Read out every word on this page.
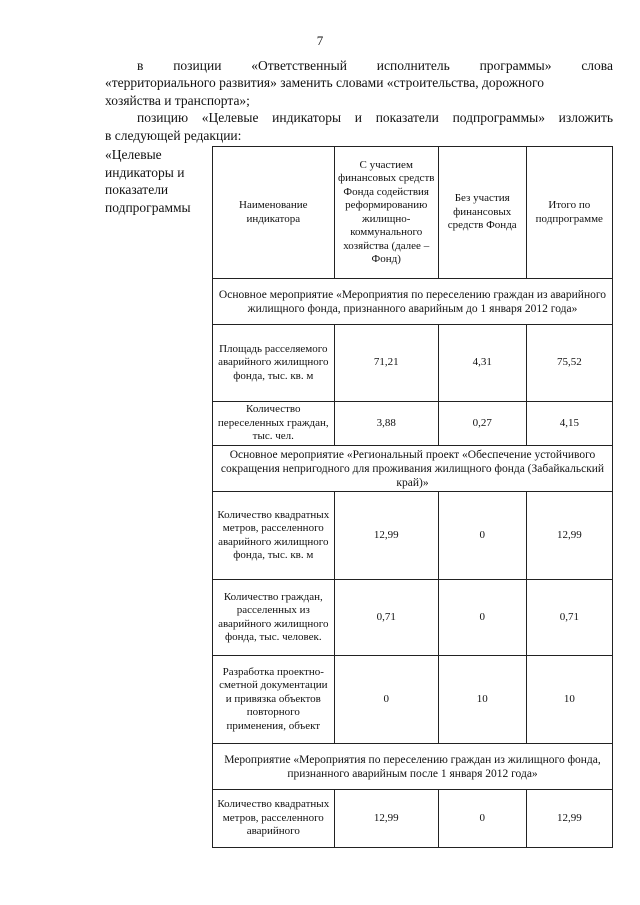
7
в позиции «Ответственный исполнитель программы» слова
«территориального развития» заменить словами «строительства, дорожного
хозяйства и транспорта»;
позицию «Целевые индикаторы и показатели подпрограммы» изложить
в следующей редакции:
«Целевые индикаторы и показатели подпрограммы	Наименование индикатора	С участием финансовых средств Фонда содействия реформированию жилищно-коммунального хозяйства (далее – Фонд)	Без участия финансовых средств Фонда	Итого по подпрограмме
Основное мероприятие «Мероприятия по переселению граждан из аварийного жилищного фонда, признанного аварийным до 1 января 2012 года»			
Площадь расселяемого аварийного жилищного фонда, тыс. кв. м	71,21	4,31	75,52
Количество переселенных граждан, тыс. чел.	3,88	0,27	4,15
Основное мероприятие «Региональный проект «Обеспечение устойчивого сокращения непригодного для проживания жилищного фонда (Забайкальский край)»			
Количество квадратных метров, расселенного аварийного жилищного фонда, тыс. кв. м	12,99	0	12,99
Количество граждан, расселенных из аварийного жилищного фонда, тыс. человек.	0,71	0	0,71
Разработка проектно-сметной документации и привязка объектов повторного применения, объект	0	10	10
Мероприятие «Мероприятия по переселению граждан из жилищного фонда, признанного аварийным после 1 января 2012 года»			
Количество квадратных метров, расселенного аварийного	12,99	0	12,99
